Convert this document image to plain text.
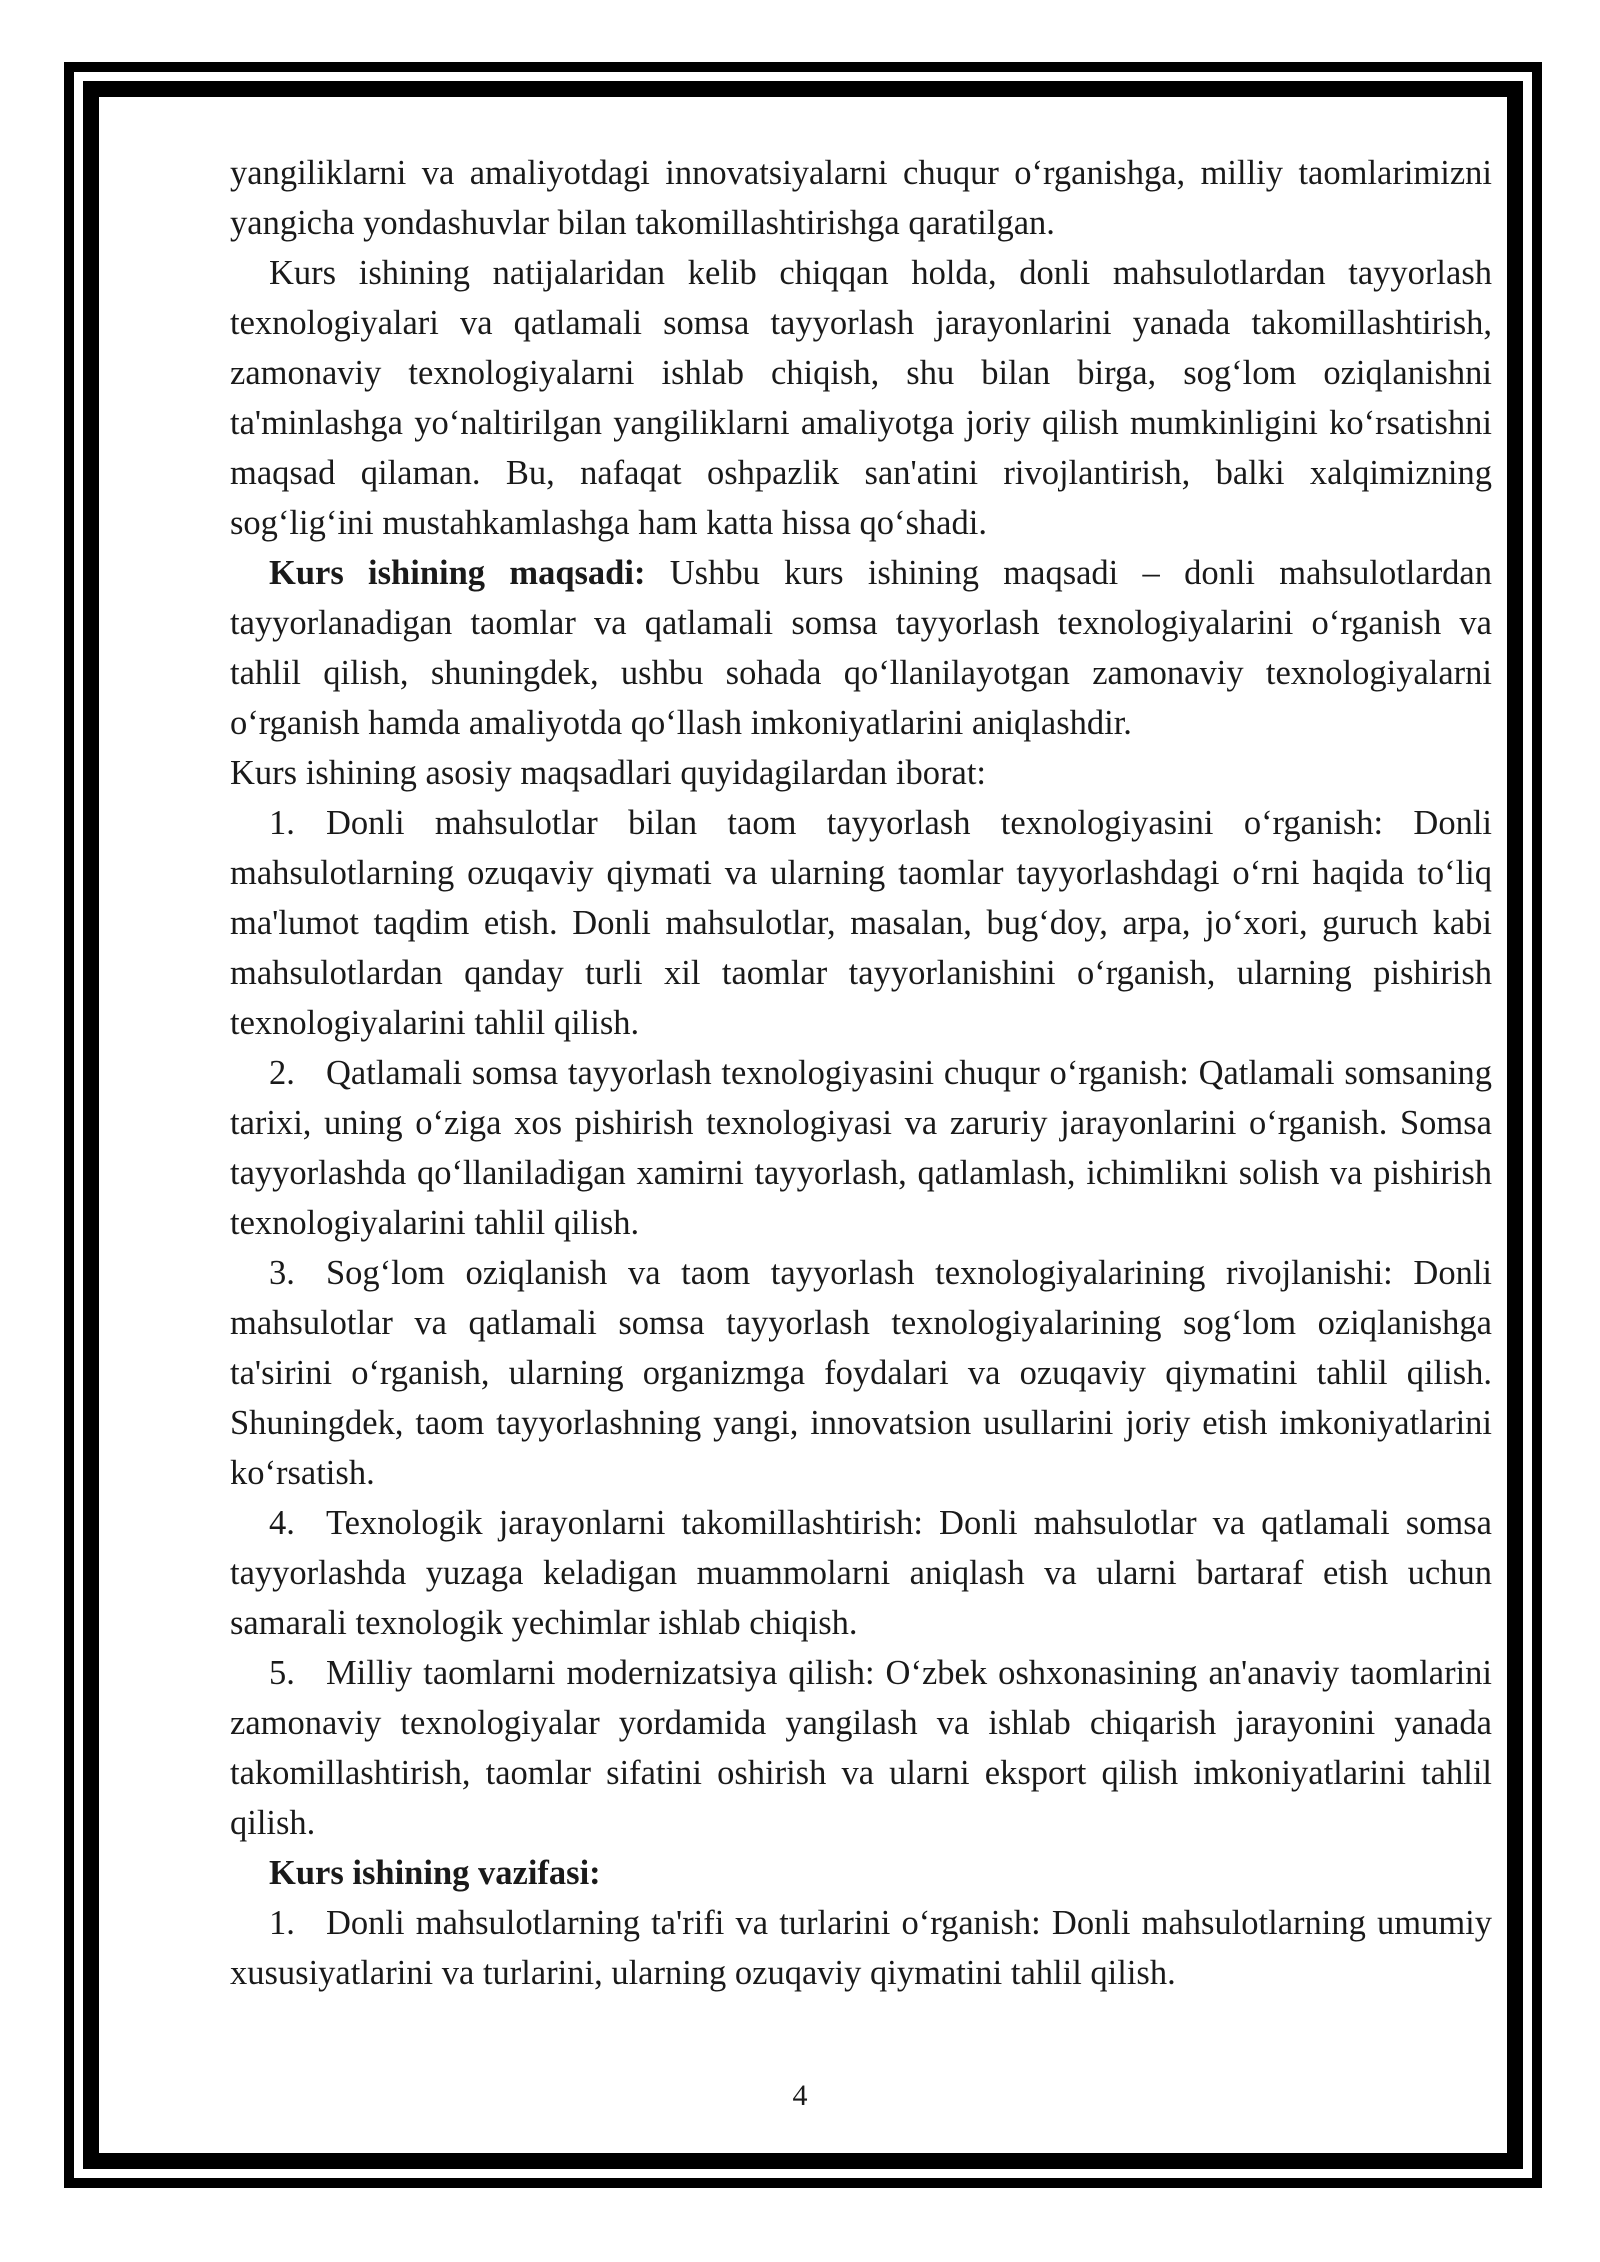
yangiliklarni va amaliyotdagi innovatsiyalarni chuqur o‘rganishga, milliy taomlarimizni yangicha yondashuvlar bilan takomillashtirishga qaratilgan.

Kurs ishining natijalaridan kelib chiqqan holda, donli mahsulotlardan tayyorlash texnologiyalari va qatlamali somsa tayyorlash jarayonlarini yanada takomillashtirish, zamonaviy texnologiyalarni ishlab chiqish, shu bilan birga, sog‘lom oziqlanishni ta'minlashga yo‘naltirilgan yangiliklarni amaliyotga joriy qilish mumkinligini ko‘rsatishni maqsad qilaman. Bu, nafaqat oshpazlik san'atini rivojlantirish, balki xalqimizning sog‘lig‘ini mustahkamlashga ham katta hissa qo‘shadi.

Kurs ishining maqsadi: Ushbu kurs ishining maqsadi – donli mahsulotlardan tayyorlanadigan taomlar va qatlamali somsa tayyorlash texnologiyalarini o‘rganish va tahlil qilish, shuningdek, ushbu sohada qo‘llanilayotgan zamonaviy texnologiyalarni o‘rganish hamda amaliyotda qo‘llash imkoniyatlarini aniqlashdir.

Kurs ishining asosiy maqsadlari quyidagilardan iborat:

1. Donli mahsulotlar bilan taom tayyorlash texnologiyasini o‘rganish: Donli mahsulotlarning ozuqaviy qiymati va ularning taomlar tayyorlashdagi o‘rni haqida to‘liq ma'lumot taqdim etish. Donli mahsulotlar, masalan, bug‘doy, arpa, jo‘xori, guruch kabi mahsulotlardan qanday turli xil taomlar tayyorlanishini o‘rganish, ularning pishirish texnologiyalarini tahlil qilish.

2. Qatlamali somsa tayyorlash texnologiyasini chuqur o‘rganish: Qatlamali somsaning tarixi, uning o‘ziga xos pishirish texnologiyasi va zaruriy jarayonlarini o‘rganish. Somsa tayyorlashda qo‘llaniladigan xamirni tayyorlash, qatlamlash, ichimlikni solish va pishirish texnologiyalarini tahlil qilish.

3. Sog‘lom oziqlanish va taom tayyorlash texnologiyalarining rivojlanishi: Donli mahsulotlar va qatlamali somsa tayyorlash texnologiyalarining sog‘lom oziqlanishga ta'sirini o‘rganish, ularning organizmga foydalari va ozuqaviy qiymatini tahlil qilish. Shuningdek, taom tayyorlashning yangi, innovatsion usullarini joriy etish imkoniyatlarini ko‘rsatish.

4. Texnologik jarayonlarni takomillashtirish: Donli mahsulotlar va qatlamali somsa tayyorlashda yuzaga keladigan muammolarni aniqlash va ularni bartaraf etish uchun samarali texnologik yechimlar ishlab chiqish.

5. Milliy taomlarni modernizatsiya qilish: O‘zbek oshxonasining an'anaviy taomlarini zamonaviy texnologiyalar yordamida yangilash va ishlab chiqarish jarayonini yanada takomillashtirish, taomlar sifatini oshirish va ularni eksport qilish imkoniyatlarini tahlil qilish.

Kurs ishining vazifasi:

1. Donli mahsulotlarning ta'rifi va turlarini o‘rganish: Donli mahsulotlarning umumiy xususiyatlarini va turlarini, ularning ozuqaviy qiymatini tahlil qilish.

4
